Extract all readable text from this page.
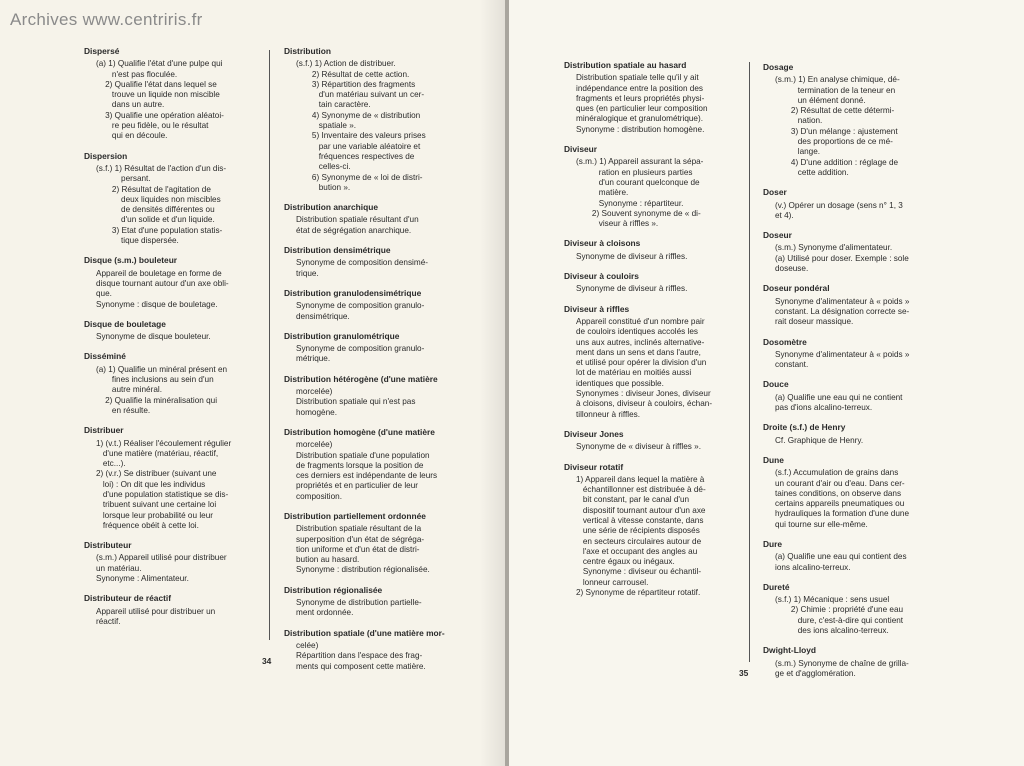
Dispersé
(a) 1) Qualifie l'état d'une pulpe qui
n'est pas floculée.
2) Qualifie l'état dans lequel se
trouve un liquide non miscible
dans un autre.
3) Qualifie une opération aléatoi-
re peu fidèle, ou le résultat
qui en découle.
Dispersion
(s.f.) 1) Résultat de l'action d'un dis-
persant.
2) Résultat de l'agitation de
deux liquides non miscibles
de densités différentes ou
d'un solide et d'un liquide.
3) Etat d'une population statis-
tique dispersée.
Disque (s.m.) bouleteur
Appareil de bouletage en forme de
disque tournant autour d'un axe obli-
que.
Synonyme : disque de bouletage.
Disque de bouletage
Synonyme de disque bouleteur.
Disséminé
(a) 1) Qualifie un minéral présent en
fines inclusions au sein d'un
autre minéral.
2) Qualifie la minéralisation qui
en résulte.
Distribuer
1) (v.t.) Réaliser l'écoulement régulier
d'une matière (matériau, réactif,
etc...).
2) (v.r.) Se distribuer (suivant une
loi) : On dit que les individus
d'une population statistique se dis-
tribuent suivant une certaine loi
lorsque leur probabilité ou leur
fréquence obéit à cette loi.
Distributeur
(s.m.) Appareil utilisé pour distribuer
un matériau.
Synonyme : Alimentateur.
Distributeur de réactif
Appareil utilisé pour distribuer un
réactif.
Distribution
(s.f.) 1) Action de distribuer.
2) Résultat de cette action.
3) Répartition des fragments
d'un matériau suivant un cer-
tain caractère.
4) Synonyme de « distribution
spatiale ».
5) Inventaire des valeurs prises
par une variable aléatoire et
fréquences respectives de
celles-ci.
6) Synonyme de « loi de distri-
bution ».
Distribution anarchique
Distribution spatiale résultant d'un
état de ségrégation anarchique.
Distribution densimétrique
Synonyme de composition densimé-
trique.
Distribution granulodensimétrique
Synonyme de composition granulo-
densimétrique.
Distribution granulométrique
Synonyme de composition granulo-
métrique.
Distribution hétérogène (d'une matière
morcelée)
Distribution spatiale qui n'est pas
homogène.
Distribution homogène (d'une matière
morcelée)
Distribution spatiale d'une population
de fragments lorsque la position de
ces derniers est indépendante de leurs
propriétés et en particulier de leur
composition.
Distribution partiellement ordonnée
Distribution spatiale résultant de la
superposition d'un état de ségréga-
tion uniforme et d'un état de distri-
bution au hasard.
Synonyme : distribution régionalisée.
Distribution régionalisée
Synonyme de distribution partielle-
ment ordonnée.
Distribution spatiale (d'une matière mor-
celée)
Répartition dans l'espace des frag-
ments qui composent cette matière.
34
Distribution spatiale au hasard
Distribution spatiale telle qu'il y ait
indépendance entre la position des
fragments et leurs propriétés physi-
ques (en particulier leur composition
minéralogique et granulométrique).
Synonyme : distribution homogène.
Diviseur
(s.m.) 1) Appareil assurant la sépa-
ration en plusieurs parties
d'un courant quelconque de
matière.
Synonyme : répartiteur.
2) Souvent synonyme de « di-
viseur à riffles ».
Diviseur à cloisons
Synonyme de diviseur à riffles.
Diviseur à couloirs
Synonyme de diviseur à riffles.
Diviseur à riffles
Appareil constitué d'un nombre pair
de couloirs identiques accolés les
uns aux autres, inclinés alternative-
ment dans un sens et dans l'autre,
et utilisé pour opérer la division d'un
lot de matériau en moitiés aussi
identiques que possible.
Synonymes : diviseur Jones, diviseur
à cloisons, diviseur à couloirs, échan-
tillonneur à riffles.
Diviseur Jones
Synonyme de « diviseur à riffles ».
Diviseur rotatif
1) Appareil dans lequel la matière à
échantillonner est distribuée à dé-
bit constant, par le canal d'un
dispositif tournant autour d'un axe
vertical à vitesse constante, dans
une série de récipients disposés
en secteurs circulaires autour de
l'axe et occupant des angles au
centre égaux ou inégaux.
Synonyme : diviseur ou échantil-
lonneur carrousel.
2) Synonyme de répartiteur rotatif.
Dosage
(s.m.) 1) En analyse chimique, dé-
termination de la teneur en
un élément donné.
2) Résultat de cette détermi-
nation.
3) D'un mélange : ajustement
des proportions de ce mé-
lange.
4) D'une addition : réglage de
cette addition.
Doser
(v.) Opérer un dosage (sens n° 1, 3
et 4).
Doseur
(s.m.) Synonyme d'alimentateur.
(a) Utilisé pour doser. Exemple : sole
doseuse.
Doseur pondéral
Synonyme d'alimentateur à « poids »
constant. La désignation correcte se-
rait doseur massique.
Dosomètre
Synonyme d'alimentateur à « poids »
constant.
Douce
(a) Qualifie une eau qui ne contient
pas d'ions alcalino-terreux.
Droite (s.f.) de Henry
Cf. Graphique de Henry.
Dune
(s.f.) Accumulation de grains dans
un courant d'air ou d'eau. Dans cer-
taines conditions, on observe dans
certains appareils pneumatiques ou
hydrauliques la formation d'une dune
qui tourne sur elle-même.
Dure
(a) Qualifie une eau qui contient des
ions alcalino-terreux.
Dureté
(s.f.) 1) Mécanique : sens usuel
2) Chimie : propriété d'une eau
dure, c'est-à-dire qui contient
des ions alcalino-terreux.
Dwight-Lloyd
(s.m.) Synonyme de chaîne de grilla-
ge et d'agglomération.
35
Archives www.centriris.fr
